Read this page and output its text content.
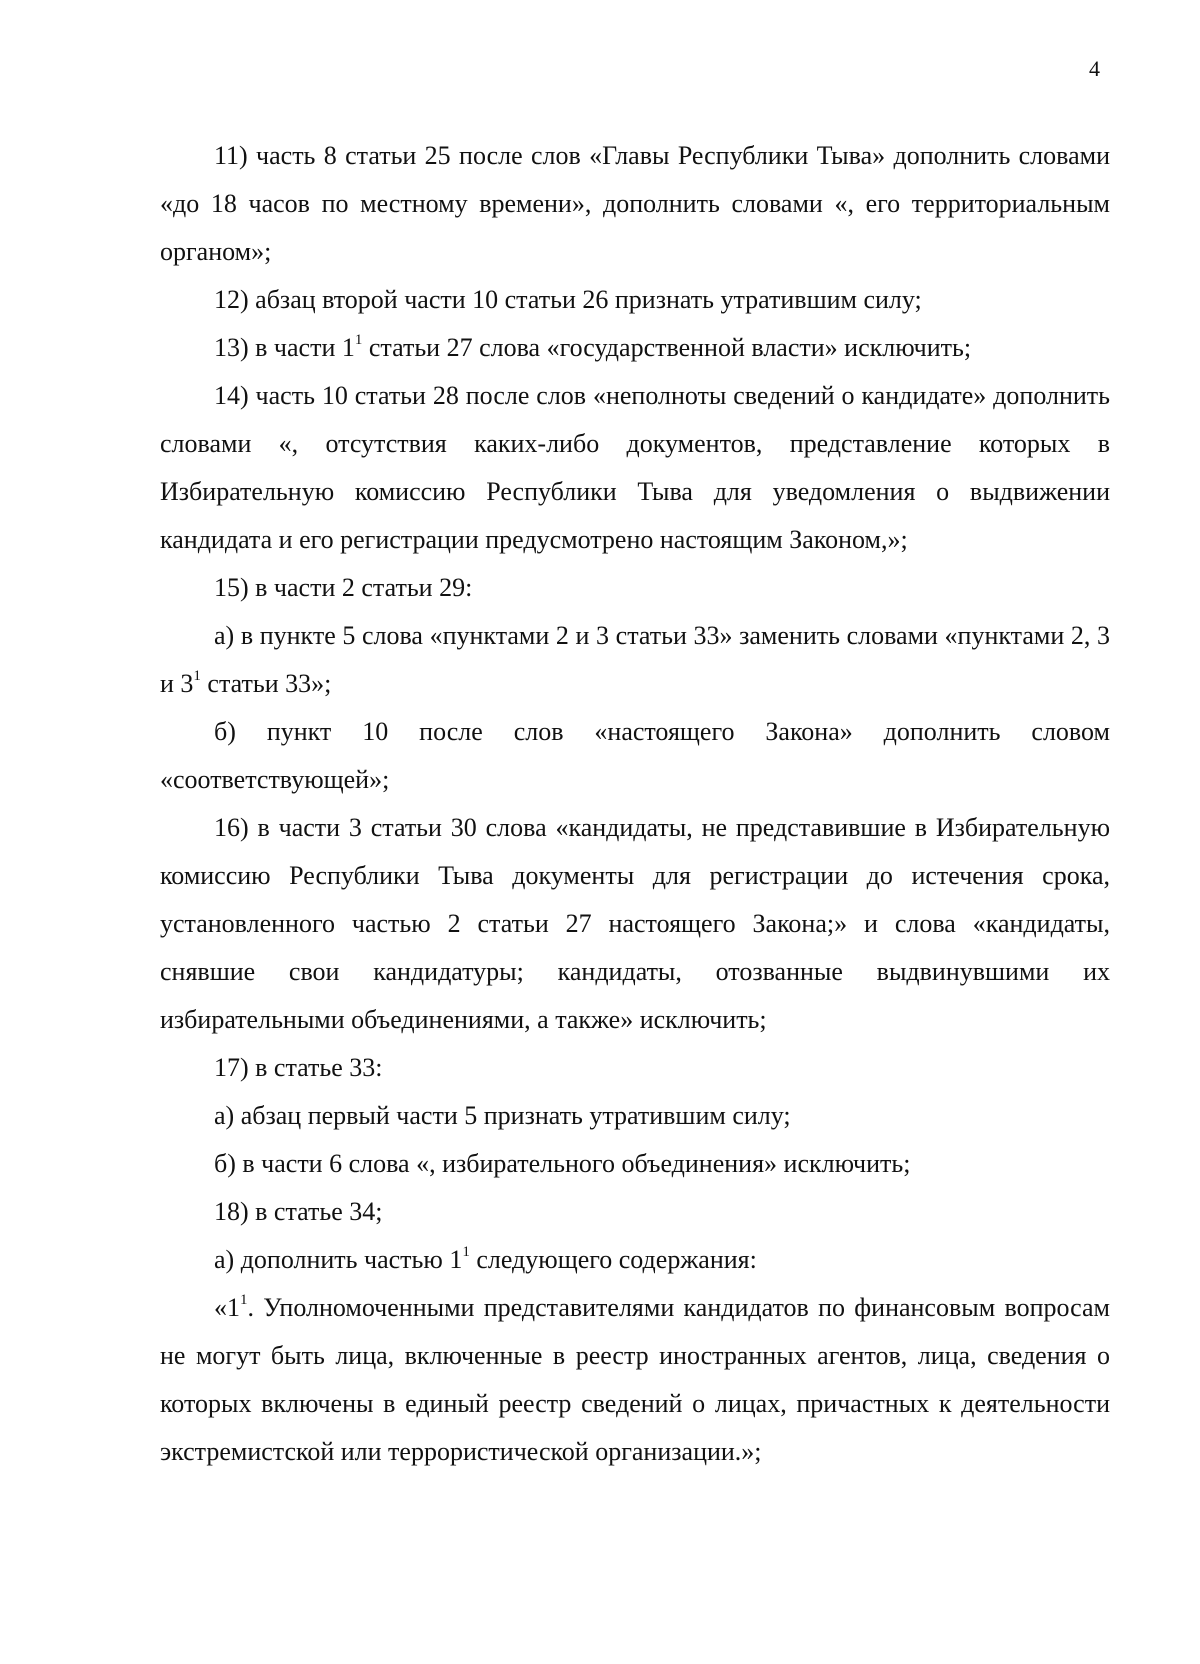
4

11) часть 8 статьи 25 после слов «Главы Республики Тыва» дополнить словами «до 18 часов по местному времени», дополнить словами «, его территориальным органом»;

12) абзац второй части 10 статьи 26 признать утратившим силу;

13) в части $1^1$ статьи 27 слова «государственной власти» исключить;

14) часть 10 статьи 28 после слов «неполноты сведений о кандидате» дополнить словами «, отсутствия каких-либо документов, представление которых в Избирательную комиссию Республики Тыва для уведомления о выдвижении кандидата и его регистрации предусмотрено настоящим Законом,»;

15) в части 2 статьи 29:

а) в пункте 5 слова «пунктами 2 и 3 статьи 33» заменить словами «пунктами 2, 3 и $3^1$ статьи 33»;

б) пункт 10 после слов «настоящего Закона» дополнить словом «соответствующей»;

16) в части 3 статьи 30 слова «кандидаты, не представившие в Избирательную комиссию Республики Тыва документы для регистрации до истечения срока, установленного частью 2 статьи 27 настоящего Закона;» и слова «кандидаты, снявшие свои кандидатуры; кандидаты, отозванные выдвинувшими их избирательными объединениями, а также» исключить;

17) в статье 33:

а) абзац первый части 5 признать утратившим силу;

б) в части 6 слова «, избирательного объединения» исключить;

18) в статье 34;

а) дополнить частью $1^1$ следующего содержания:

«$1^1$. Уполномоченными представителями кандидатов по финансовым вопросам не могут быть лица, включенные в реестр иностранных агентов, лица, сведения о которых включены в единый реестр сведений о лицах, причастных к деятельности экстремистской или террористической организации.»;
